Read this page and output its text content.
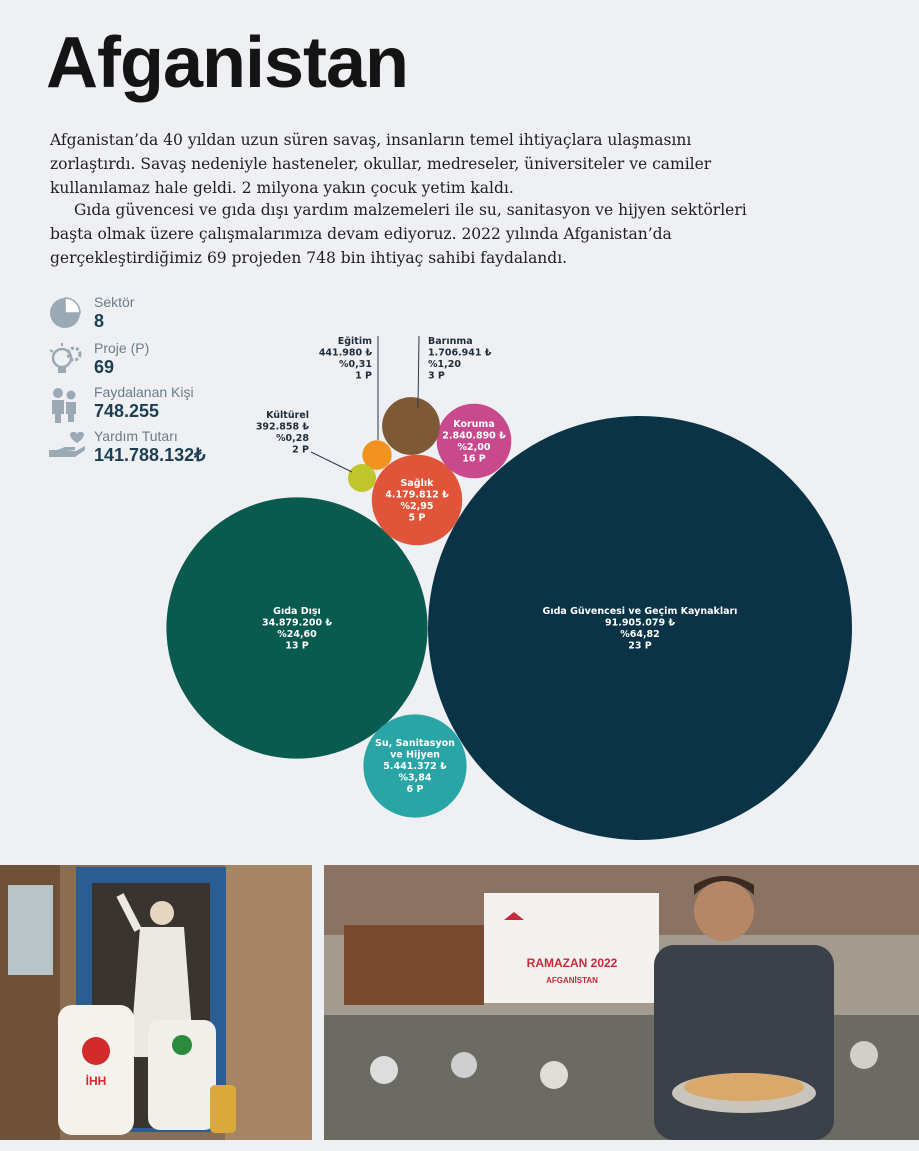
Afganistan

Afganistan’da 40 yıldan uzun süren savaş, insanların temel ihtiyaçlara ulaşmasını zorlaştırdı. Savaş nedeniyle hasteneler, okullar, medreseler, üniversiteler ve camiler kullanılamaz hale geldi. 2 milyona yakın çocuk yetim kaldı.

Gıda güvencesi ve gıda dışı yardım malzemeleri ile su, sanitasyon ve hijyen sektörleri başta olmak üzere çalışmalarımıza devam ediyoruz. 2022 yılında Afganistan’da gerçekleştirdiğimiz 69 projeden 748 bin ihtiyaç sahibi faydalandı.

Sektör
8
Proje (P)
69
Faydalanan Kişi
748.255
Yardım Tutarı
141.788.132₺
Gıda Güvencesi ve Geçim Kaynakları 91.905.079 ₺ %64,82 23 P
Gıda Dışı 34.879.200 ₺ %24,60 13 P
Su, Sanitasyon ve Hijyen 5.441.372 ₺ %3,84 6 P
Sağlık 4.179.812 ₺ %2,95 5 P
Koruma 2.840.890 ₺ %2,00 16 P
Barınma 1.706.941 ₺ %1,20 3 P
Eğitim 441.980 ₺ %0,31 1 P
Kültürel 392.858 ₺ %0,28 2 P
İHH
RAMAZAN 2022
AFGANİSTAN
